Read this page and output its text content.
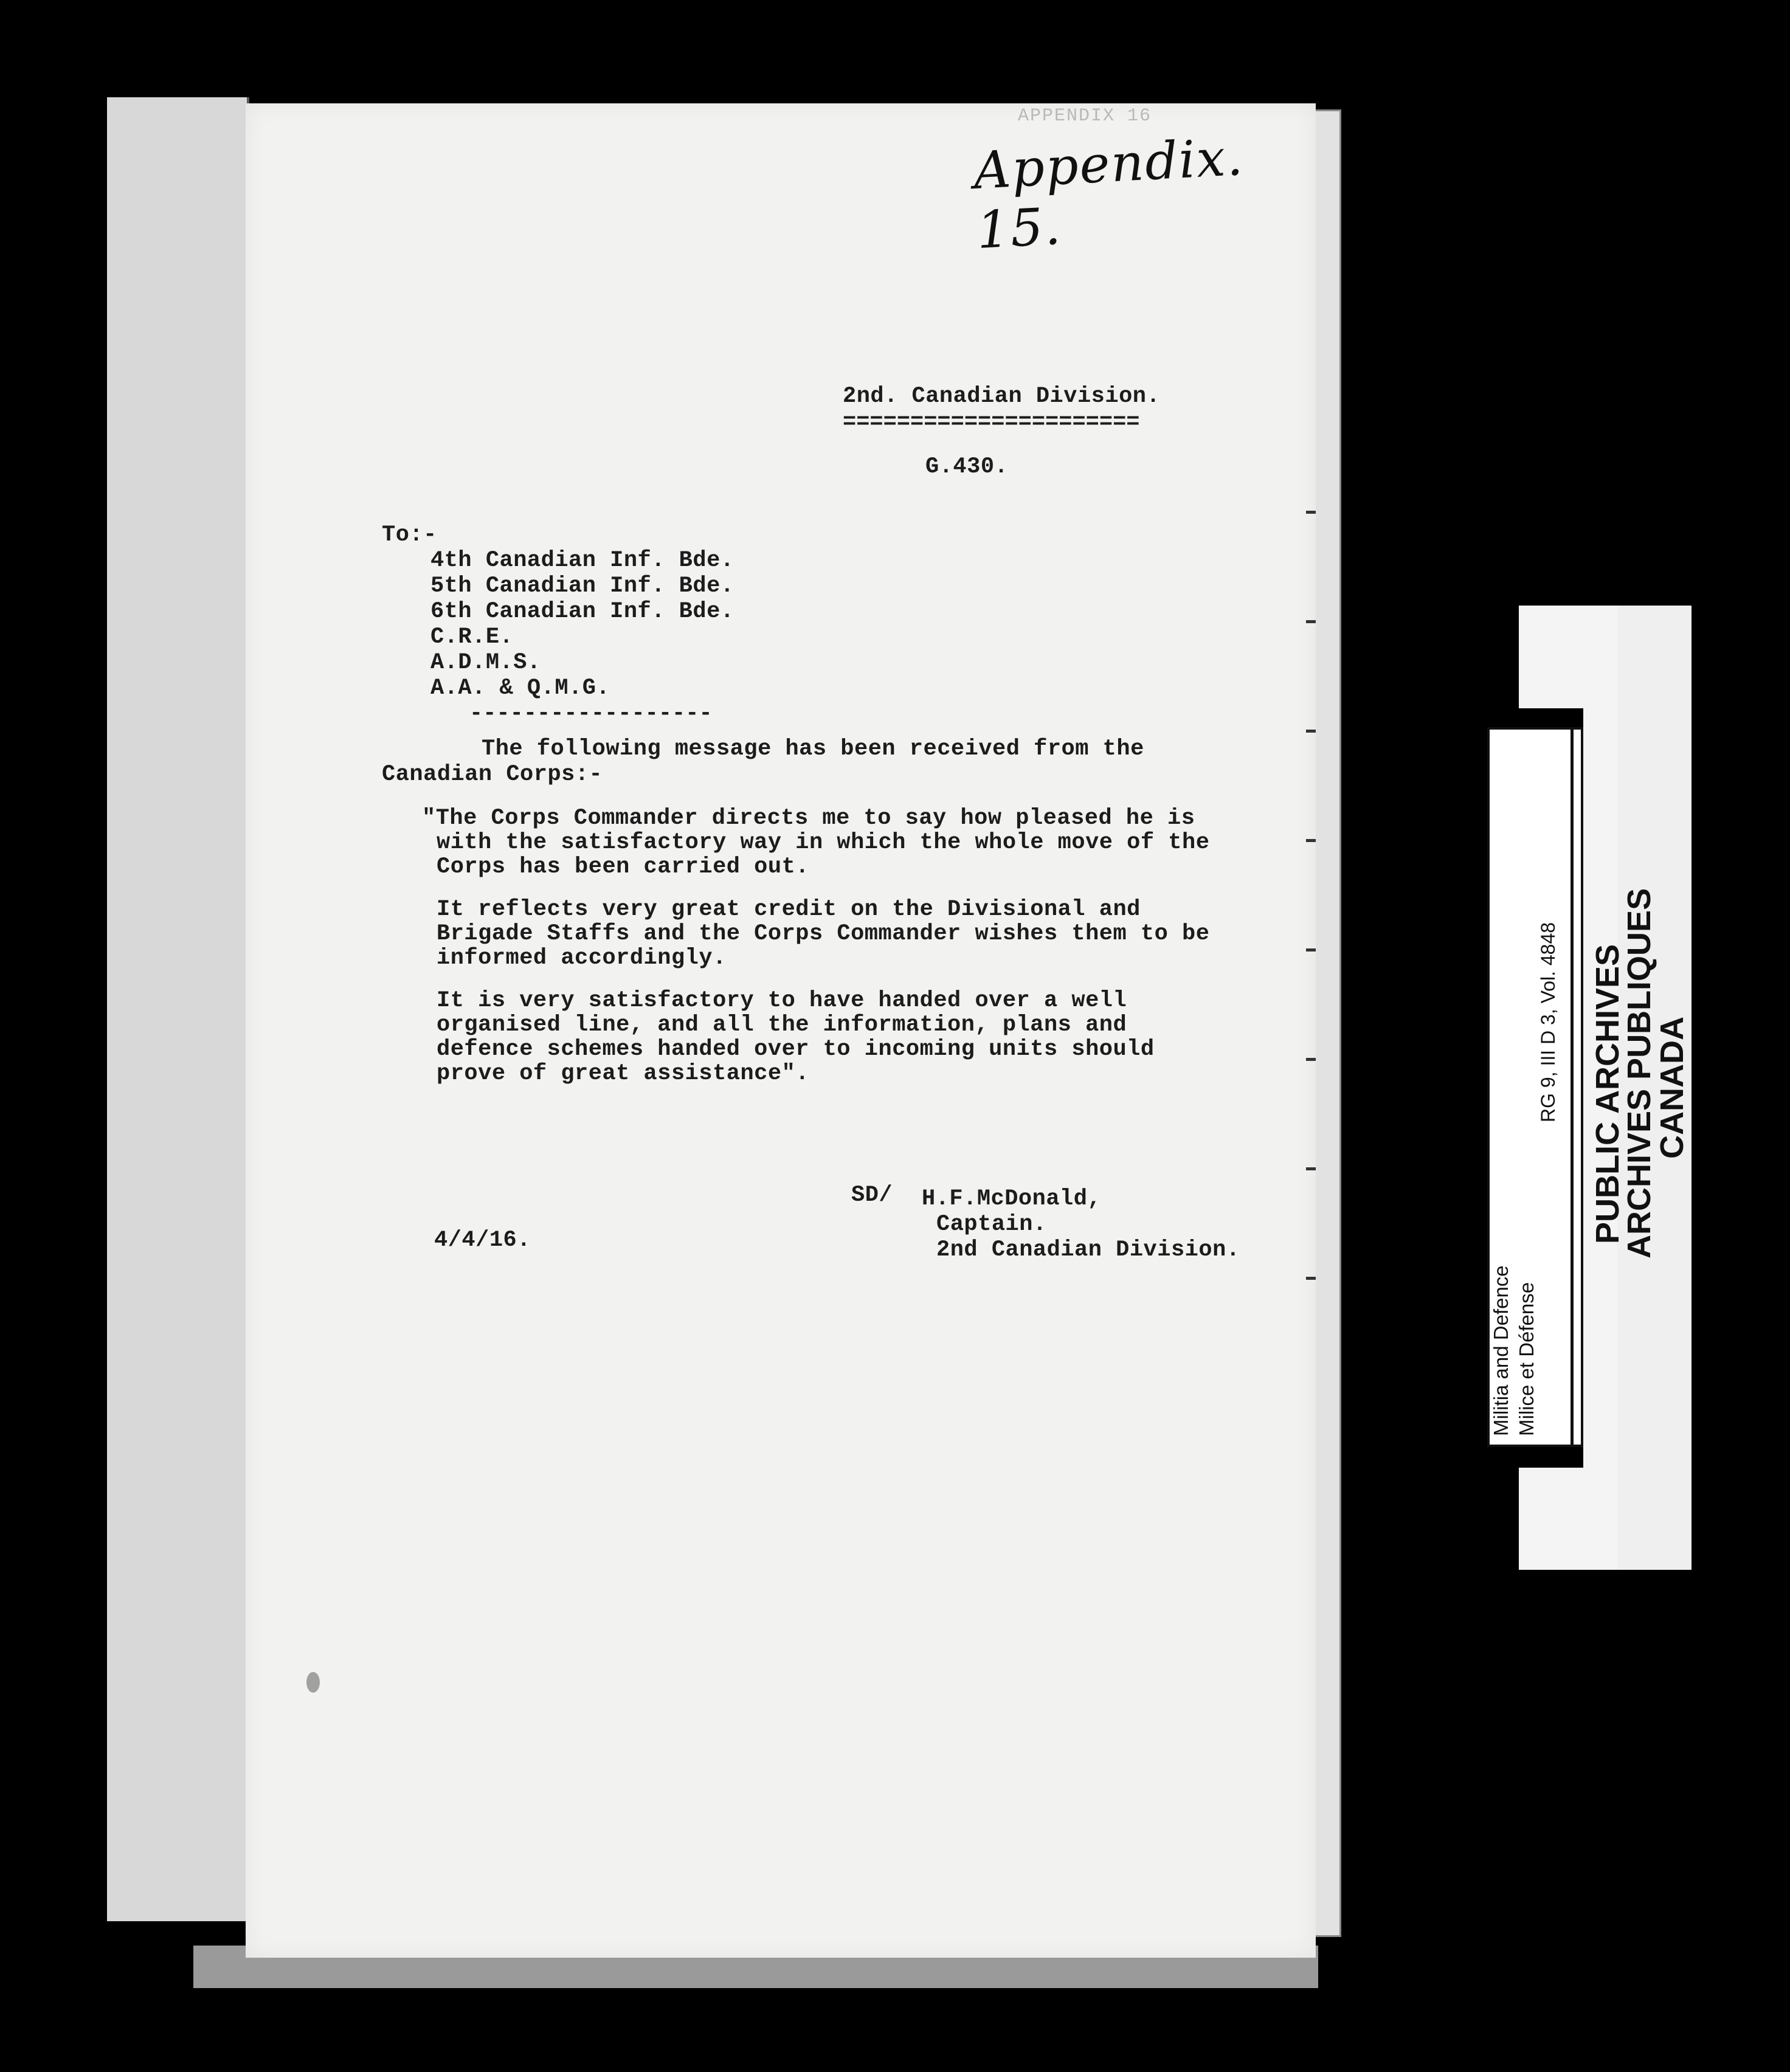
APPENDIX 16
Appendix. 15.
2nd. Canadian Division.
======================
G.430.
To:-
4th Canadian Inf. Bde.
5th Canadian Inf. Bde.
6th Canadian Inf. Bde.
C.R.E.
A.D.M.S.
A.A. & Q.M.G.
------------------
The following message has been received from the
Canadian Corps:-
"The Corps Commander directs me to say how pleased he is
with the satisfactory way in which the whole move of the
Corps has been carried out.
It reflects very great credit on the Divisional and
Brigade Staffs and the Corps Commander wishes them to be
informed accordingly.
It is very satisfactory to have handed over a well
organised line, and all the information, plans and
defence schemes handed over to incoming units should
prove of great assistance".
SD/ H.F.McDonald,
Captain.
2nd Canadian Division.
4/4/16.
Militia and Defence Milice et Défense
RG 9, III D 3, Vol. 4848 PUBLIC ARCHIVES
ARCHIVES PUBLIQUES
CANADA
